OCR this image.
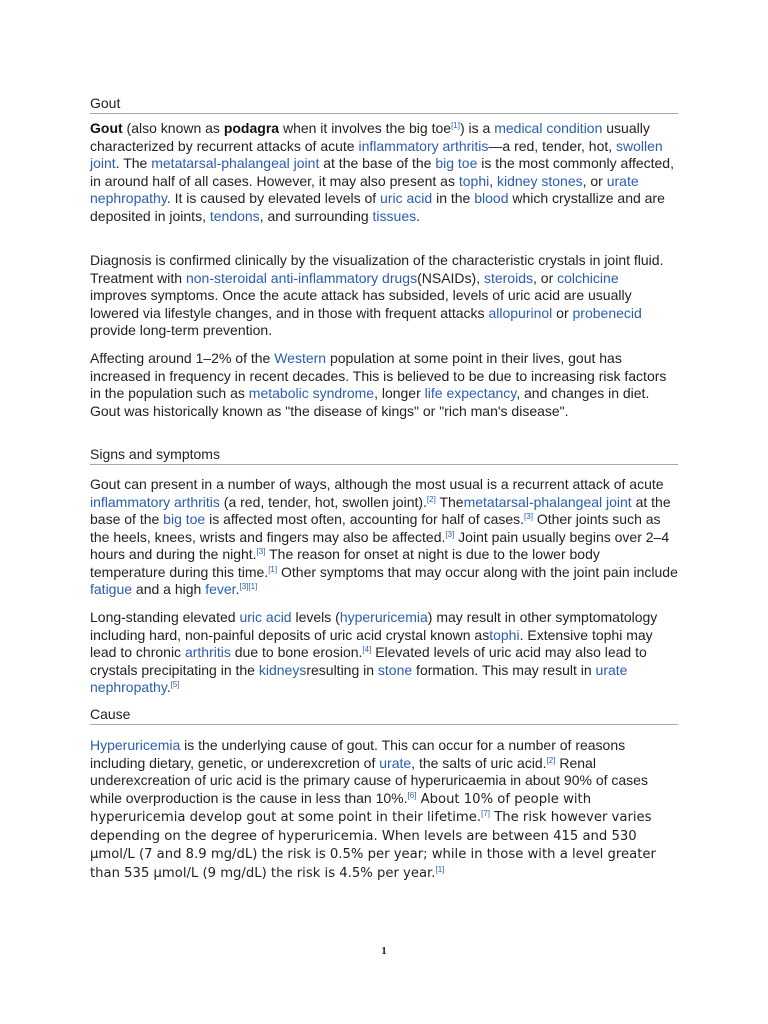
Gout

Gout (also known as podagra when it involves the big toe[1]) is a medical condition usually characterized by recurrent attacks of acute inflammatory arthritis—a red, tender, hot, swollen joint. The metatarsal-phalangeal joint at the base of the big toe is the most commonly affected, in around half of all cases. However, it may also present as tophi, kidney stones, or urate nephropathy. It is caused by elevated levels of uric acid in the blood which crystallize and are deposited in joints, tendons, and surrounding tissues.

Diagnosis is confirmed clinically by the visualization of the characteristic crystals in joint fluid. Treatment with non-steroidal anti-inflammatory drugs(NSAIDs), steroids, or colchicine improves symptoms. Once the acute attack has subsided, levels of uric acid are usually lowered via lifestyle changes, and in those with frequent attacks allopurinol or probenecid provide long-term prevention.

Affecting around 1–2% of the Western population at some point in their lives, gout has increased in frequency in recent decades. This is believed to be due to increasing risk factors in the population such as metabolic syndrome, longer life expectancy, and changes in diet. Gout was historically known as "the disease of kings" or "rich man's disease".

Signs and symptoms

Gout can present in a number of ways, although the most usual is a recurrent attack of acute inflammatory arthritis (a red, tender, hot, swollen joint).[2] Themetatarsal-phalangeal joint at the base of the big toe is affected most often, accounting for half of cases.[3] Other joints such as the heels, knees, wrists and fingers may also be affected.[3] Joint pain usually begins over 2–4 hours and during the night.[3] The reason for onset at night is due to the lower body temperature during this time.[1] Other symptoms that may occur along with the joint pain include fatigue and a high fever.[3][1]

Long-standing elevated uric acid levels (hyperuricemia) may result in other symptomatology including hard, non-painful deposits of uric acid crystal known astophi. Extensive tophi may lead to chronic arthritis due to bone erosion.[4] Elevated levels of uric acid may also lead to crystals precipitating in the kidneysresulting in stone formation. This may result in urate nephropathy.[5]

Cause

Hyperuricemia is the underlying cause of gout. This can occur for a number of reasons including dietary, genetic, or underexcretion of urate, the salts of uric acid.[2] Renal underexcreation of uric acid is the primary cause of hyperuricaemia in about 90% of cases while overproduction is the cause in less than 10%.[6] About 10% of people with hyperuricemia develop gout at some point in their lifetime.[7] The risk however varies depending on the degree of hyperuricemia. When levels are between 415 and 530 μmol/L (7 and 8.9 mg/dL) the risk is 0.5% per year; while in those with a level greater than 535 μmol/L (9 mg/dL) the risk is 4.5% per year.[1]

1
